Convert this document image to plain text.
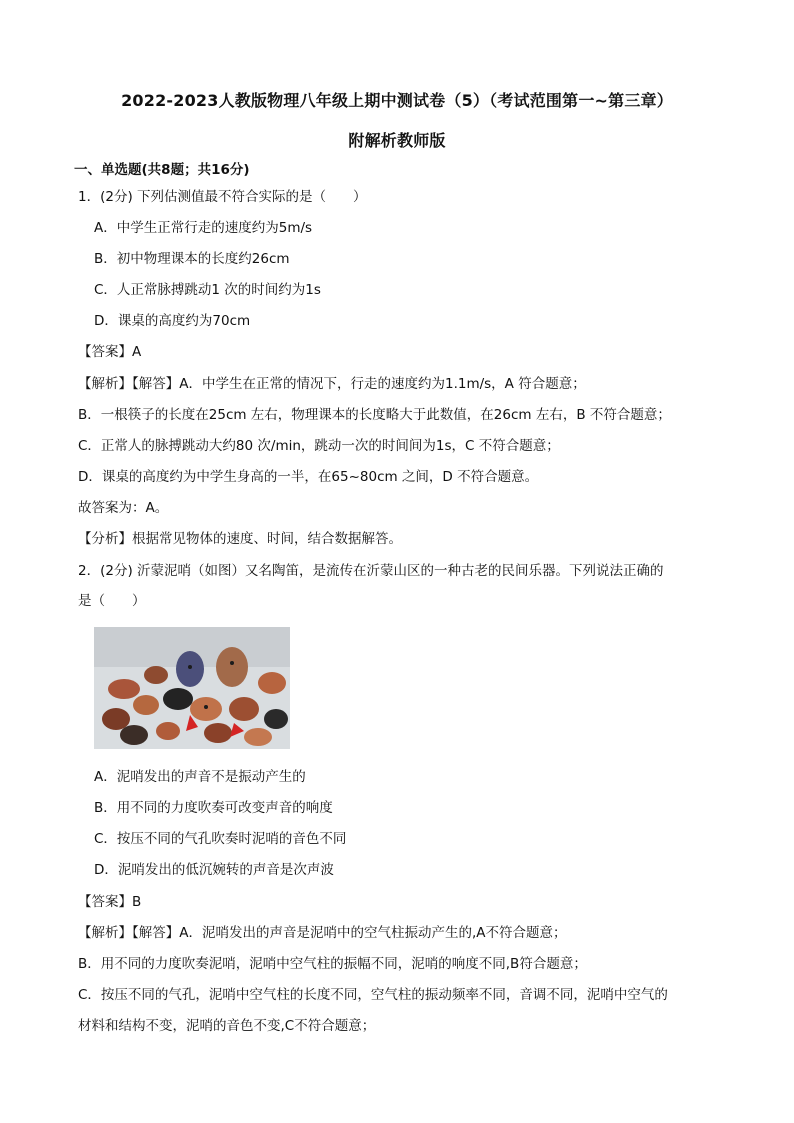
2022-2023人教版物理八年级上期中测试卷（5）（考试范围第一~第三章）
附解析教师版
一、单选题(共8题；共16分)
1．(2分) 下列估测值最不符合实际的是（　　）
A．中学生正常行走的速度约为5m/s
B．初中物理课本的长度约26cm
C．人正常脉搏跳动1 次的时间约为1s
D．课桌的高度约为70cm
【答案】A
【解析】【解答】A．中学生在正常的情况下，行走的速度约为1.1m/s，A 符合题意；
B．一根筷子的长度在25cm 左右，物理课本的长度略大于此数值，在26cm 左右，B 不符合题意；
C．正常人的脉搏跳动大约80 次/min，跳动一次的时间间为1s，C 不符合题意；
D．课桌的高度约为中学生身高的一半，在65~80cm 之间，D 不符合题意。
故答案为：A。
【分析】根据常见物体的速度、时间，结合数据解答。
2．(2分) 沂蒙泥哨（如图）又名陶笛，是流传在沂蒙山区的一种古老的民间乐器。下列说法正确的
是（　　）
A．泥哨发出的声音不是振动产生的
B．用不同的力度吹奏可改变声音的响度
C．按压不同的气孔吹奏时泥哨的音色不同
D．泥哨发出的低沉婉转的声音是次声波
【答案】B
【解析】【解答】A．泥哨发出的声音是泥哨中的空气柱振动产生的,A不符合题意；
B．用不同的力度吹奏泥哨，泥哨中空气柱的振幅不同，泥哨的响度不同,B符合题意；
C．按压不同的气孔，泥哨中空气柱的长度不同，空气柱的振动频率不同，音调不同，泥哨中空气的
材料和结构不变，泥哨的音色不变,C不符合题意；
